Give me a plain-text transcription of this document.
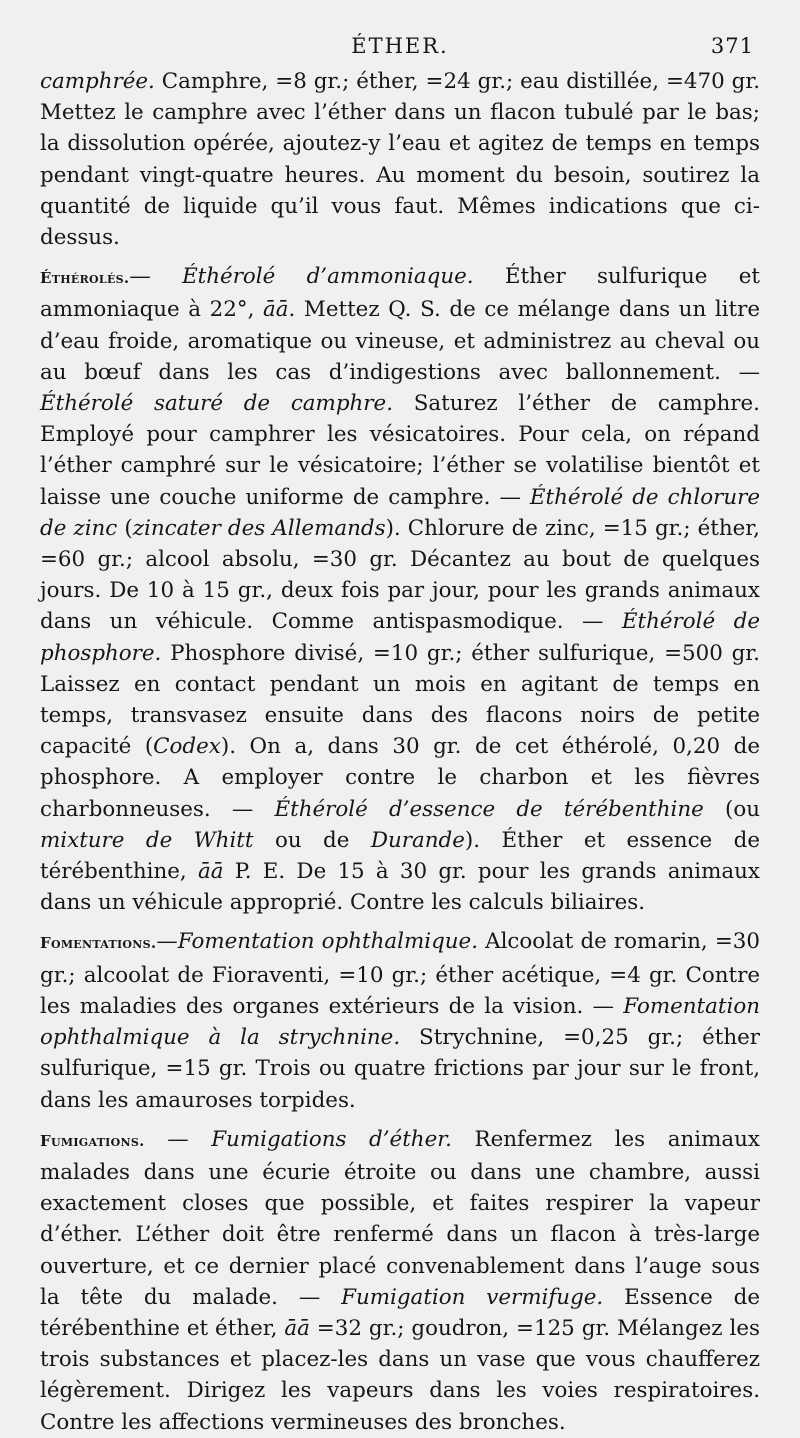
ÉTHER.	371

camphrée. Camphre, =8 gr.; éther, =24 gr.; eau distillée, =470 gr. Mettez le camphre avec l’éther dans un flacon tubulé par le bas; la dissolution opérée, ajoutez-y l’eau et agitez de temps en temps pendant vingt-quatre heures. Au moment du besoin, soutirez la quantité de liquide qu’il vous faut. Mêmes indications que ci-dessus.

Éthérolés.— Éthérolé d’ammoniaque. Éther sulfurique et ammoniaque à 22°, āā. Mettez Q. S. de ce mélange dans un litre d’eau froide, aromatique ou vineuse, et administrez au cheval ou au bœuf dans les cas d’indigestions avec ballonnement. — Éthérolé saturé de camphre. Saturez l’éther de camphre. Employé pour camphrer les vésicatoires. Pour cela, on répand l’éther camphré sur le vésicatoire; l’éther se volatilise bientôt et laisse une couche uniforme de camphre. — Éthérolé de chlorure de zinc (zincater des Allemands). Chlorure de zinc, =15 gr.; éther, =60 gr.; alcool absolu, =30 gr. Décantez au bout de quelques jours. De 10 à 15 gr., deux fois par jour, pour les grands animaux dans un véhicule. Comme antispasmodique. — Éthérolé de phosphore. Phosphore divisé, =10 gr.; éther sulfurique, =500 gr. Laissez en contact pendant un mois en agitant de temps en temps, transvasez ensuite dans des flacons noirs de petite capacité (Codex). On a, dans 30 gr. de cet éthérolé, 0,20 de phosphore. A employer contre le charbon et les fièvres charbonneuses. — Éthérolé d’essence de térébenthine (ou mixture de Whitt ou de Durande). Éther et essence de térébenthine, āā P. E. De 15 à 30 gr. pour les grands animaux dans un véhicule approprié. Contre les calculs biliaires.

Fomentations.—Fomentation ophthalmique. Alcoolat de romarin, =30 gr.; alcoolat de Fioraventi, =10 gr.; éther acétique, =4 gr. Contre les maladies des organes extérieurs de la vision. — Fomentation ophthalmique à la strychnine. Strychnine, =0,25 gr.; éther sulfurique, =15 gr. Trois ou quatre frictions par jour sur le front, dans les amauroses torpides.

Fumigations. — Fumigations d’éther. Renfermez les animaux malades dans une écurie étroite ou dans une chambre, aussi exactement closes que possible, et faites respirer la vapeur d’éther. L’éther doit être renfermé dans un flacon à très-large ouverture, et ce dernier placé convenablement dans l’auge sous la tête du malade. — Fumigation vermifuge. Essence de térébenthine et éther, āā =32 gr.; goudron, =125 gr. Mélangez les trois substances et placez-les dans un vase que vous chaufferez légèrement. Dirigez les vapeurs dans les voies respiratoires. Contre les affections vermineuses des bronches.
